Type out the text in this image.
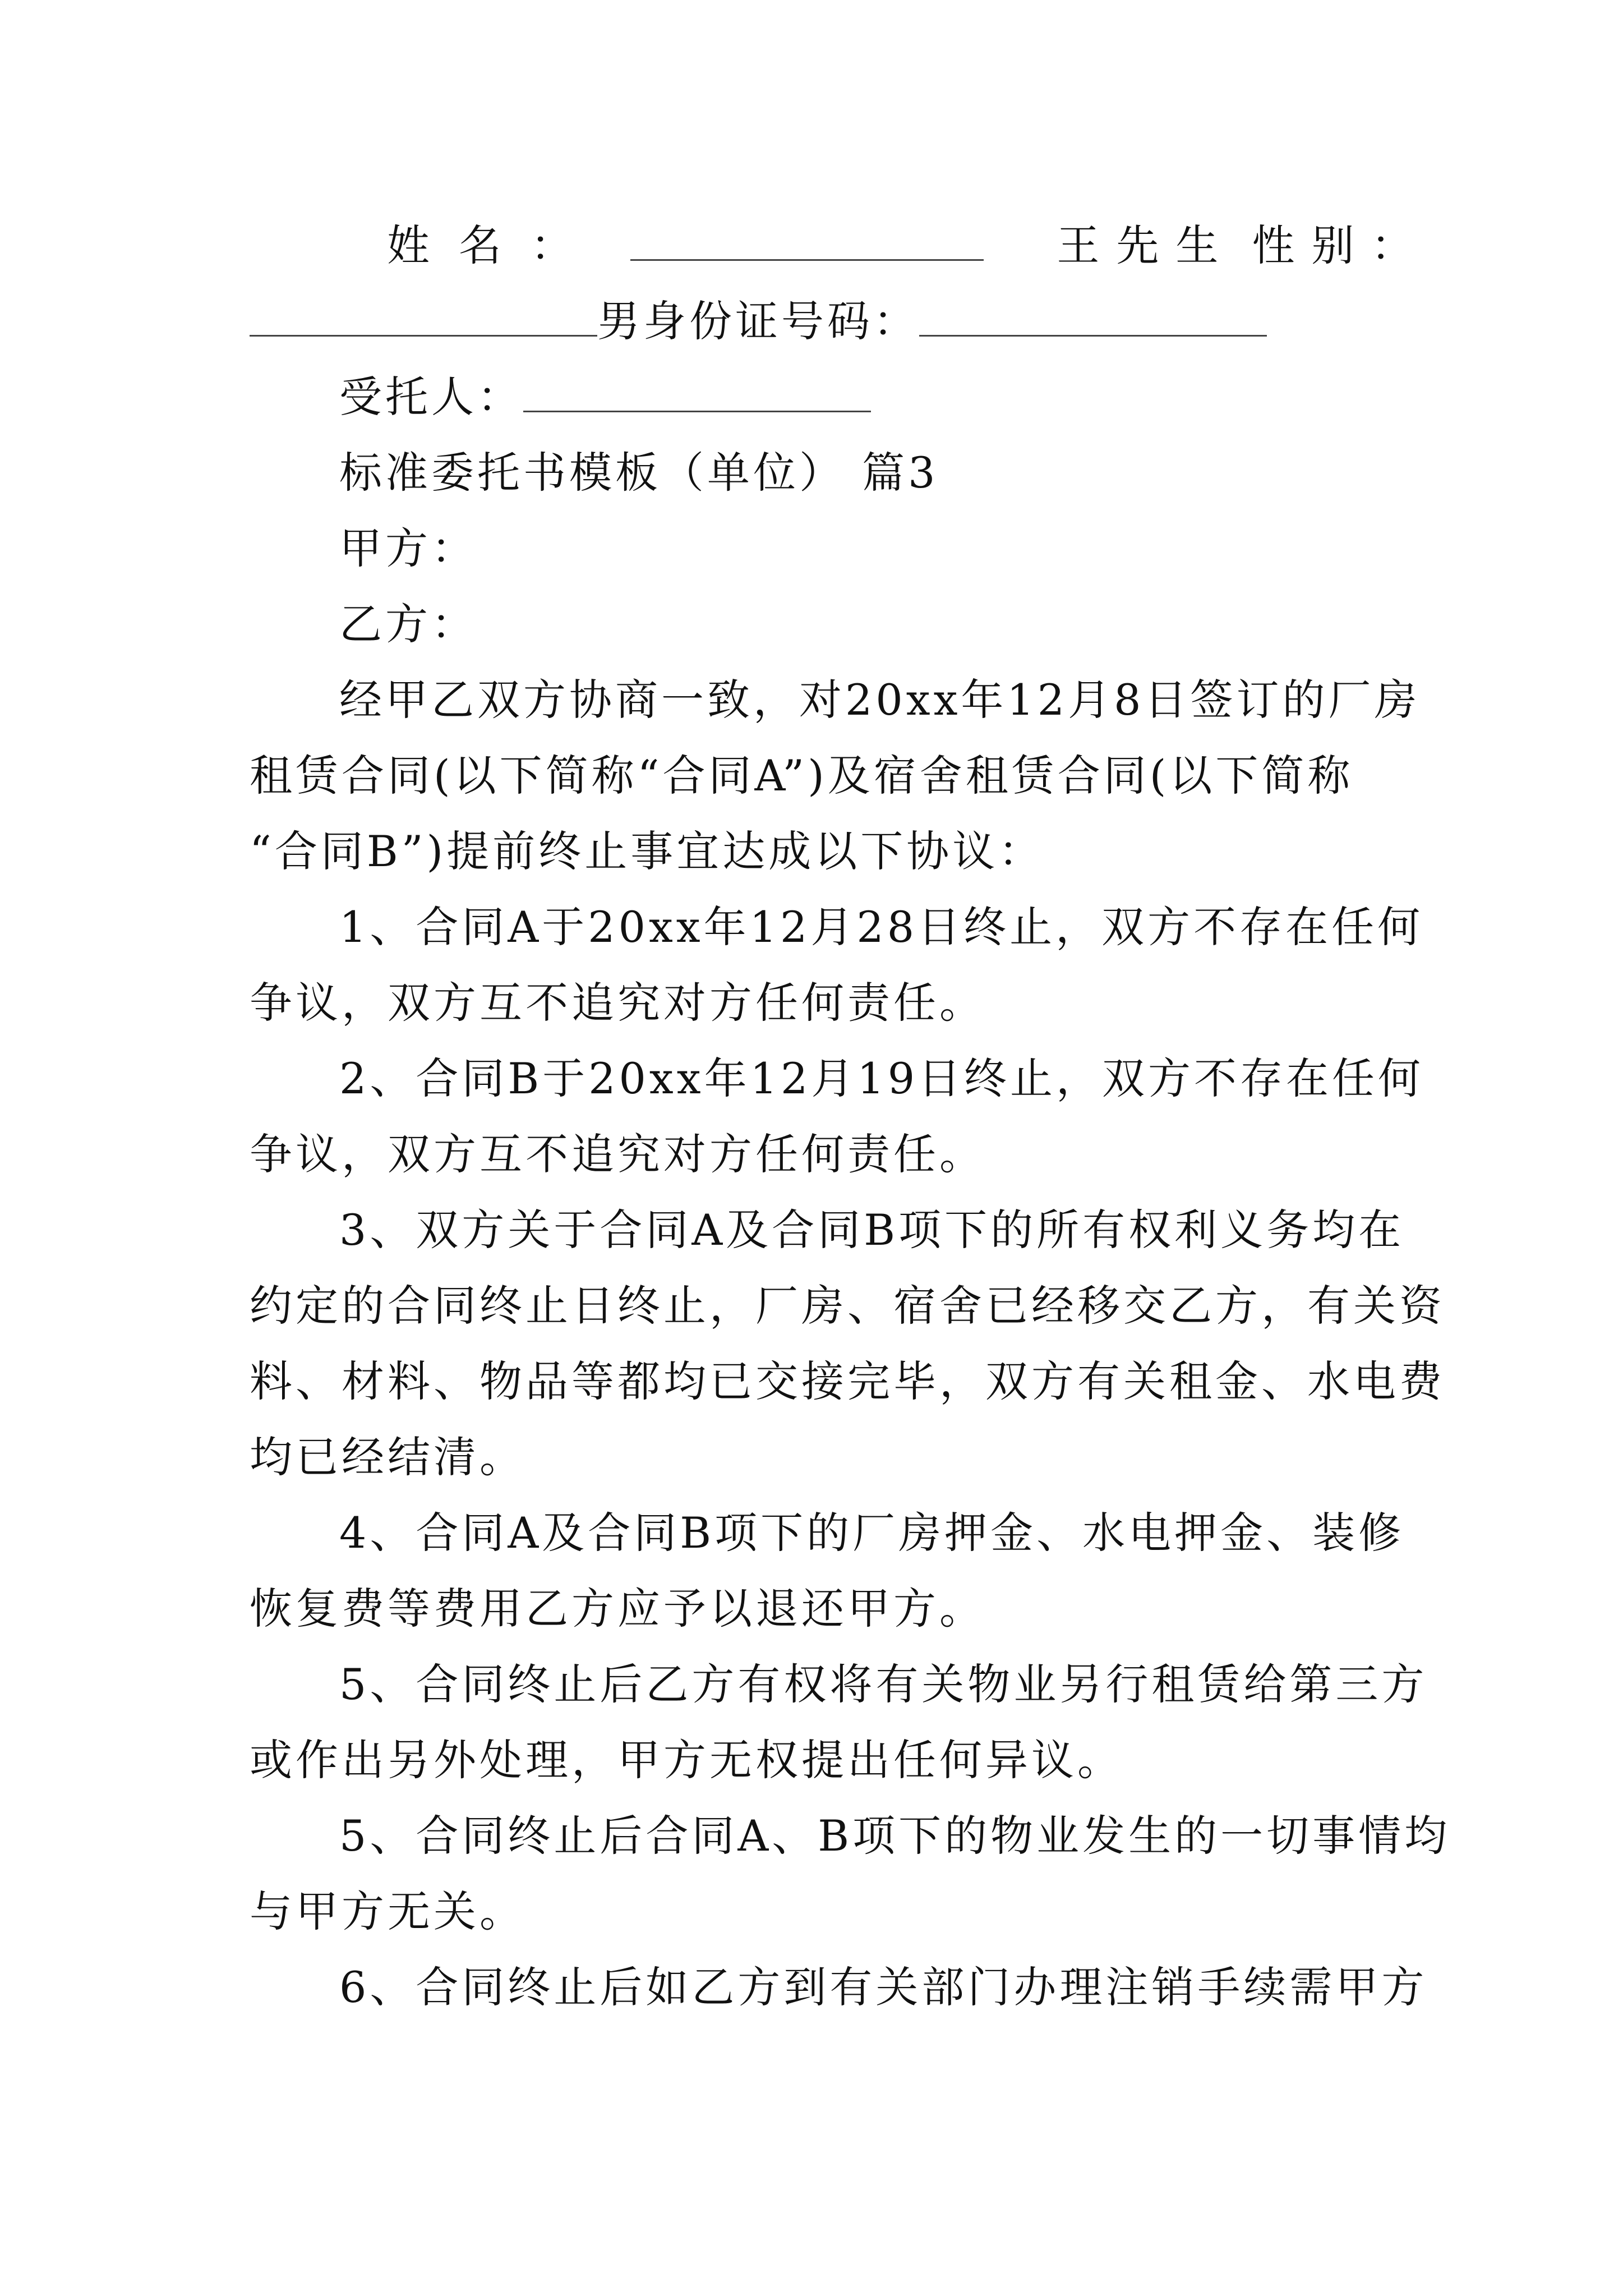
姓名：	王先生 性别：
男身份证号码：
受托人：
标准委托书模板（单位） 篇3
甲方：
乙方：
经甲乙双方协商一致，对20xx年12月8日签订的厂房
租赁合同(以下简称“合同A”)及宿舍租赁合同(以下简称
“合同B”)提前终止事宜达成以下协议：
1、合同A于20xx年12月28日终止，双方不存在任何
争议，双方互不追究对方任何责任。
2、合同B于20xx年12月19日终止，双方不存在任何
争议，双方互不追究对方任何责任。
3、双方关于合同A及合同B项下的所有权利义务均在
约定的合同终止日终止，厂房、宿舍已经移交乙方，有关资
料、材料、物品等都均已交接完毕，双方有关租金、水电费
均已经结清。
4、合同A及合同B项下的厂房押金、水电押金、装修
恢复费等费用乙方应予以退还甲方。
5、合同终止后乙方有权将有关物业另行租赁给第三方
或作出另外处理，甲方无权提出任何异议。
5、合同终止后合同A、B项下的物业发生的一切事情均
与甲方无关。
6、合同终止后如乙方到有关部门办理注销手续需甲方
